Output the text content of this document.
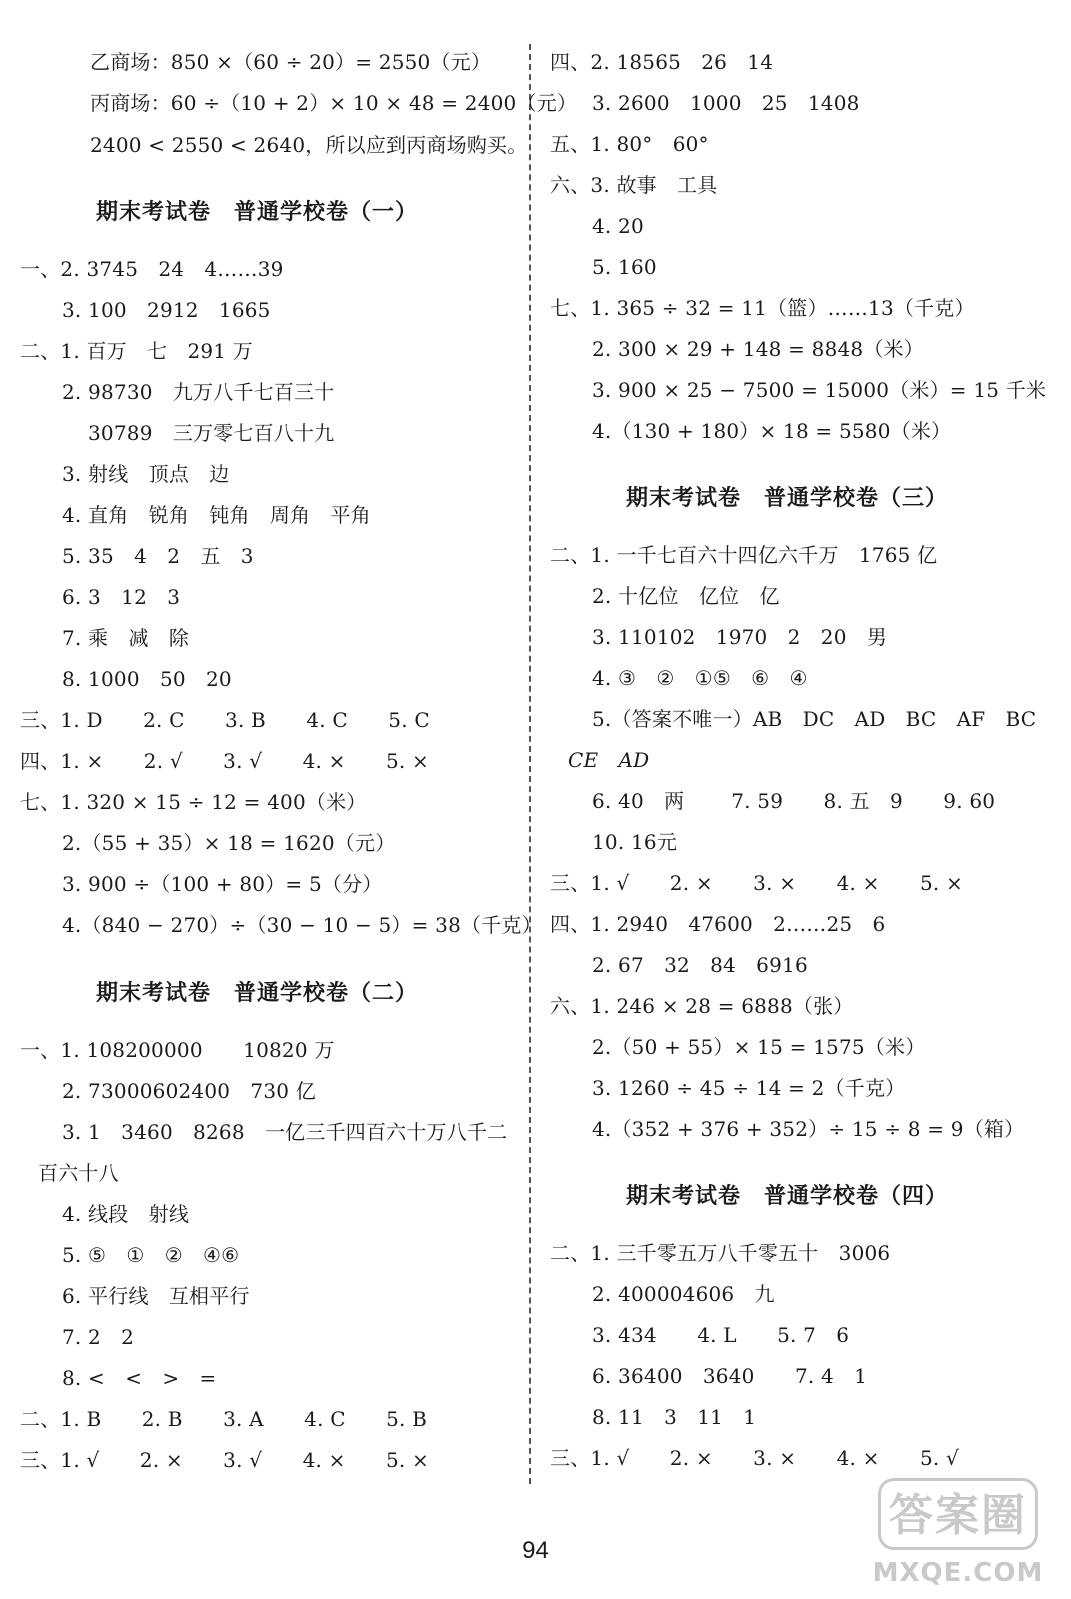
乙商场：850 ×（60 ÷ 20）= 2550（元）
丙商场：60 ÷（10 + 2）× 10 × 48 = 2400（元）
2400 < 2550 < 2640，所以应到丙商场购买。
期末考试卷　普通学校卷（一）
一、2. 3745　24　4……39
3. 100　2912　1665
二、1. 百万　七　291 万
2. 98730　九万八千七百三十
30789　三万零七百八十九
3. 射线　顶点　边
4. 直角　锐角　钝角　周角　平角
5. 35　4　2　五　3
6. 3　12　3
7. 乘　减　除
8. 1000　50　20
三、1. D　　2. C　　3. B　　4. C　　5. C
四、1. ×　　2. √　　3. √　　4. ×　　5. ×
七、1. 320 × 15 ÷ 12 = 400（米）
2.（55 + 35）× 18 = 1620（元）
3. 900 ÷（100 + 80）= 5（分）
4.（840 − 270）÷（30 − 10 − 5）= 38（千克）
期末考试卷　普通学校卷（二）
一、1. 108200000　　10820 万
2. 73000602400　730 亿
3. 1　3460　8268　一亿三千四百六十万八千二
百六十八
4. 线段　射线
5. ⑤　①　②　④⑥
6. 平行线　互相平行
7. 2　2
8. <　<　>　=
二、1. B　　2. B　　3. A　　4. C　　5. B
三、1. √　　2. ×　　3. √　　4. ×　　5. ×
四、2. 18565　26　14
3. 2600　1000　25　1408
五、1. 80°　60°
六、3. 故事　工具
4. 20
5. 160
七、1. 365 ÷ 32 = 11（篮）……13（千克）
2. 300 × 29 + 148 = 8848（米）
3. 900 × 25 − 7500 = 15000（米）= 15 千米
4.（130 + 180）× 18 = 5580（米）
期末考试卷　普通学校卷（三）
二、1. 一千七百六十四亿六千万　1765 亿
2. 十亿位　亿位　亿
3. 110102　1970　2　20　男
4. ③　②　①⑤　⑥　④
5.（答案不唯一）AB　DC　AD　BC　AF　BC
CE　AD
6. 40　两　　 7. 59　　8. 五　9　　9. 60
10. 16元
三、1. √　　2. ×　　3. ×　　4. ×　　5. ×
四、1. 2940　47600　2……25　6
2. 67　32　84　6916
六、1. 246 × 28 = 6888（张）
2.（50 + 55）× 15 = 1575（米）
3. 1260 ÷ 45 ÷ 14 = 2（千克）
4.（352 + 376 + 352）÷ 15 ÷ 8 = 9（箱）
期末考试卷　普通学校卷（四）
二、1. 三千零五万八千零五十　3006
2. 400004606　九
3. 434　　4. L　　5. 7　6
6. 36400　3640　　7. 4　1
8. 11　3　11　1
三、1. √　　2. ×　　3. ×　　4. ×　　5. √
94
答案圈
MXQE.COM
